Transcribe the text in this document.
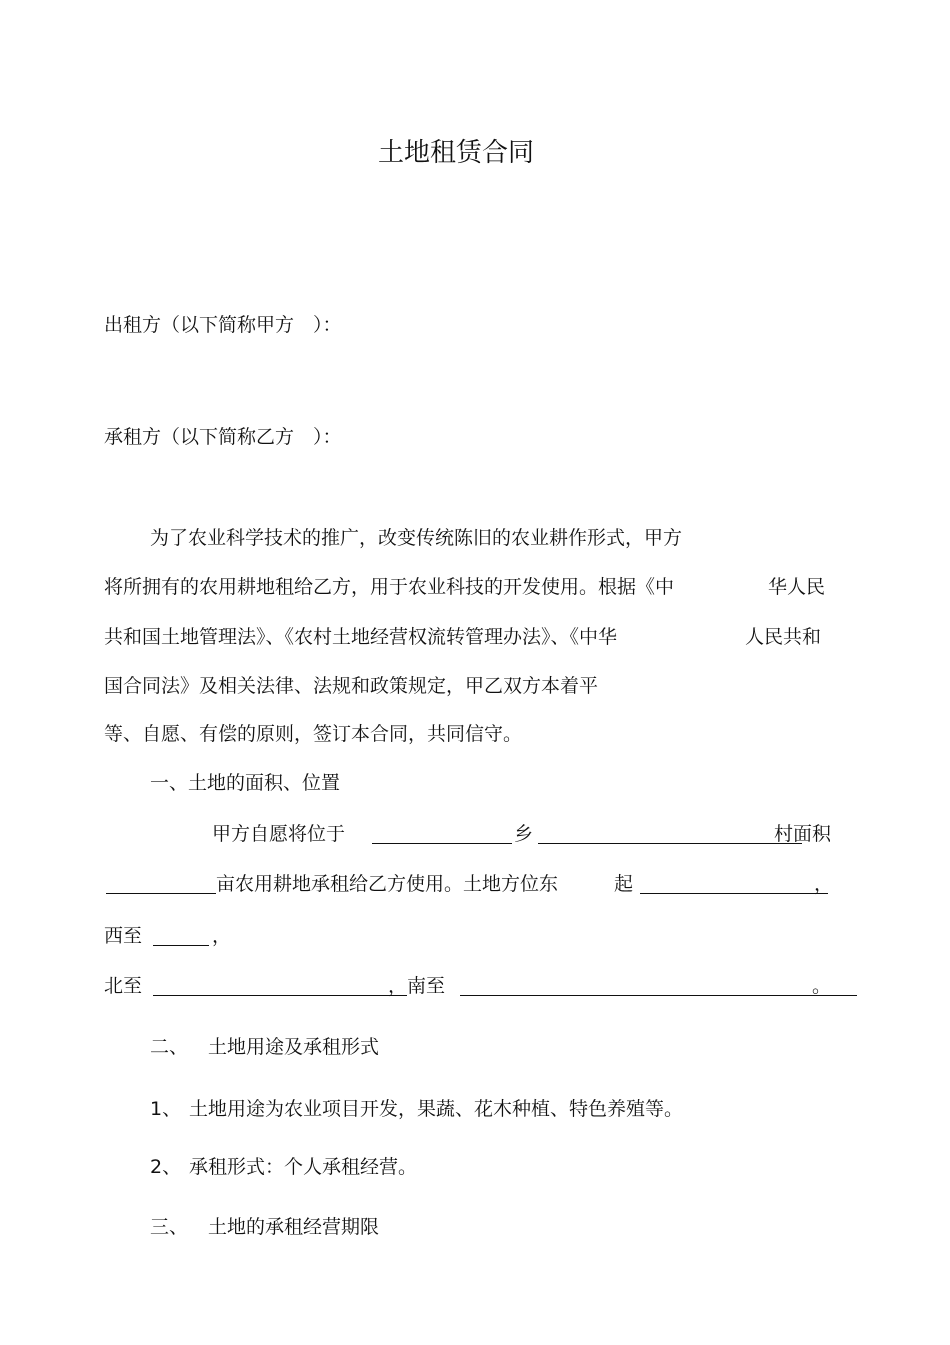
土地租赁合同
出租方（以下简称甲方　）：
承租方（以下简称乙方　）：
为了农业科学技术的推广，改变传统陈旧的农业耕作形式，甲方
将所拥有的农用耕地租给乙方，用于农业科技的开发使用。根据《中	华人民
共和国土地管理法》、《农村土地经营权流转管理办法》、《中华	人民共和
国合同法》及相关法律、法规和政策规定，甲乙双方本着平
等、自愿、有偿的原则，签订本合同，共同信守。
一、土地的面积、位置
甲方自愿将位于	乡	村面积
亩农用耕地承租给乙方使用。土地方位东	起	，
西至	，
北至	，南至	。
二、 土地用途及承租形式
1、 土地用途为农业项目开发，果蔬、花木种植、特色养殖等。
2、 承租形式：个人承租经营。
三、 土地的承租经营期限
